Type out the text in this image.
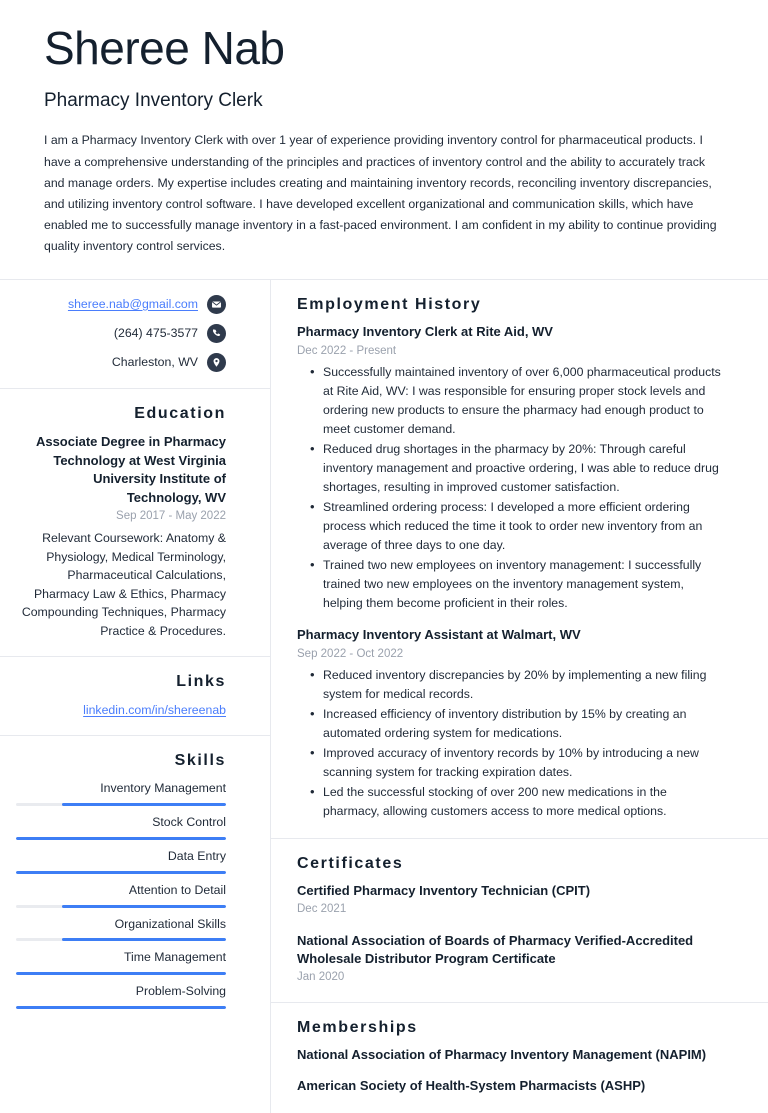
Sheree Nab
Pharmacy Inventory Clerk

I am a Pharmacy Inventory Clerk with over 1 year of experience providing inventory control for pharmaceutical products. I have a comprehensive understanding of the principles and practices of inventory control and the ability to accurately track and manage orders. My expertise includes creating and maintaining inventory records, reconciling inventory discrepancies, and utilizing inventory control software. I have developed excellent organizational and communication skills, which have enabled me to successfully manage inventory in a fast-paced environment. I am confident in my ability to continue providing quality inventory control services.

sheree.nab@gmail.com
(264) 475-3577
Charleston, WV
Education
Associate Degree in Pharmacy Technology at West Virginia University Institute of Technology, WV
Sep 2017 - May 2022
Relevant Coursework: Anatomy & Physiology, Medical Terminology, Pharmaceutical Calculations, Pharmacy Law & Ethics, Pharmacy Compounding Techniques, Pharmacy Practice & Procedures.
Links
linkedin.com/in/shereenab
Skills
Inventory Management
Stock Control
Data Entry
Attention to Detail
Organizational Skills
Time Management
Problem-Solving
Employment History
Pharmacy Inventory Clerk at Rite Aid, WV
Dec 2022 - Present
• Successfully maintained inventory of over 6,000 pharmaceutical products at Rite Aid, WV: I was responsible for ensuring proper stock levels and ordering new products to ensure the pharmacy had enough product to meet customer demand.
• Reduced drug shortages in the pharmacy by 20%: Through careful inventory management and proactive ordering, I was able to reduce drug shortages, resulting in improved customer satisfaction.
• Streamlined ordering process: I developed a more efficient ordering process which reduced the time it took to order new inventory from an average of three days to one day.
• Trained two new employees on inventory management: I successfully trained two new employees on the inventory management system, helping them become proficient in their roles.
Pharmacy Inventory Assistant at Walmart, WV
Sep 2022 - Oct 2022
• Reduced inventory discrepancies by 20% by implementing a new filing system for medical records.
• Increased efficiency of inventory distribution by 15% by creating an automated ordering system for medications.
• Improved accuracy of inventory records by 10% by introducing a new scanning system for tracking expiration dates.
• Led the successful stocking of over 200 new medications in the pharmacy, allowing customers access to more medical options.
Certificates
Certified Pharmacy Inventory Technician (CPIT)
Dec 2021
National Association of Boards of Pharmacy Verified-Accredited Wholesale Distributor Program Certificate
Jan 2020
Memberships
National Association of Pharmacy Inventory Management (NAPIM)
American Society of Health-System Pharmacists (ASHP)
